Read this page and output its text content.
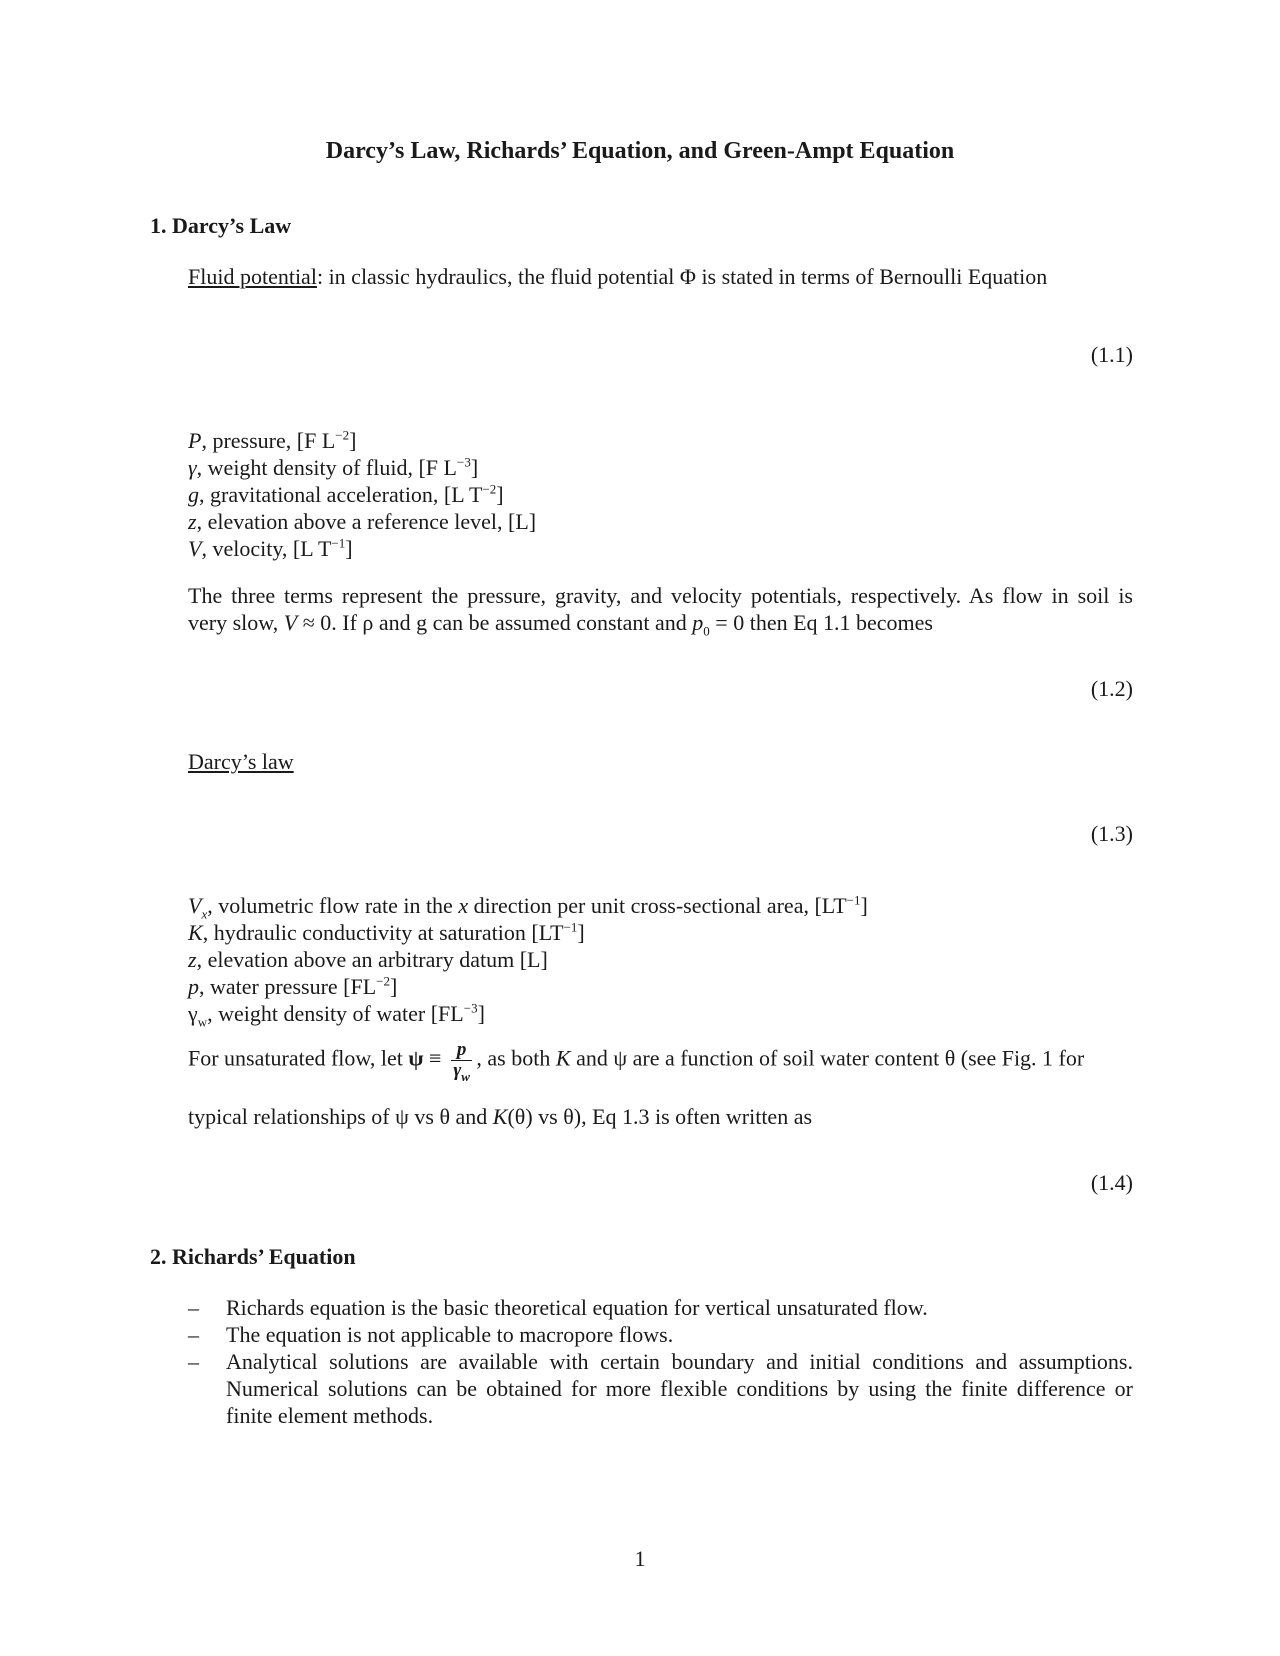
Darcy’s Law, Richards’ Equation, and Green-Ampt Equation
1. Darcy’s Law
Fluid potential: in classic hydraulics, the fluid potential Φ is stated in terms of Bernoulli Equation
(1.1)
P, pressure, [F $L^{-2}$]
γ, weight density of fluid, [F $L^{-3}$]
g, gravitational acceleration, [L $T^{-2}$]
z, elevation above a reference level, [L]
V, velocity, [L $T^{-1}$]
The three terms represent the pressure, gravity, and velocity potentials, respectively. As flow in soil is
very slow, V ≈ 0. If ρ and g can be assumed constant and $p_0 = 0$ then Eq 1.1 becomes
(1.2)
Darcy’s law
(1.3)
$V_x$, volumetric flow rate in the x direction per unit cross-sectional area, $[LT^{-1}]$
K, hydraulic conductivity at saturation $[LT^{-1}]$
z, elevation above an arbitrary datum [L]
p, water pressure $[FL^{-2}]$
$\gamma_w$, weight density of water $[FL^{-3}]$
For unsaturated flow, let $\psi \equiv \frac{p}{\gamma_w}$ , as both K and ψ are a function of soil water content θ (see Fig. 1 for
typical relationships of ψ vs θ and K(θ) vs θ), Eq 1.3 is often written as
(1.4)
2. Richards’ Equation
– Richards equation is the basic theoretical equation for vertical unsaturated flow.
– The equation is not applicable to macropore flows.
– Analytical solutions are available with certain boundary and initial conditions and assumptions. Numerical solutions can be obtained for more flexible conditions by using the finite difference or finite element methods.
1
